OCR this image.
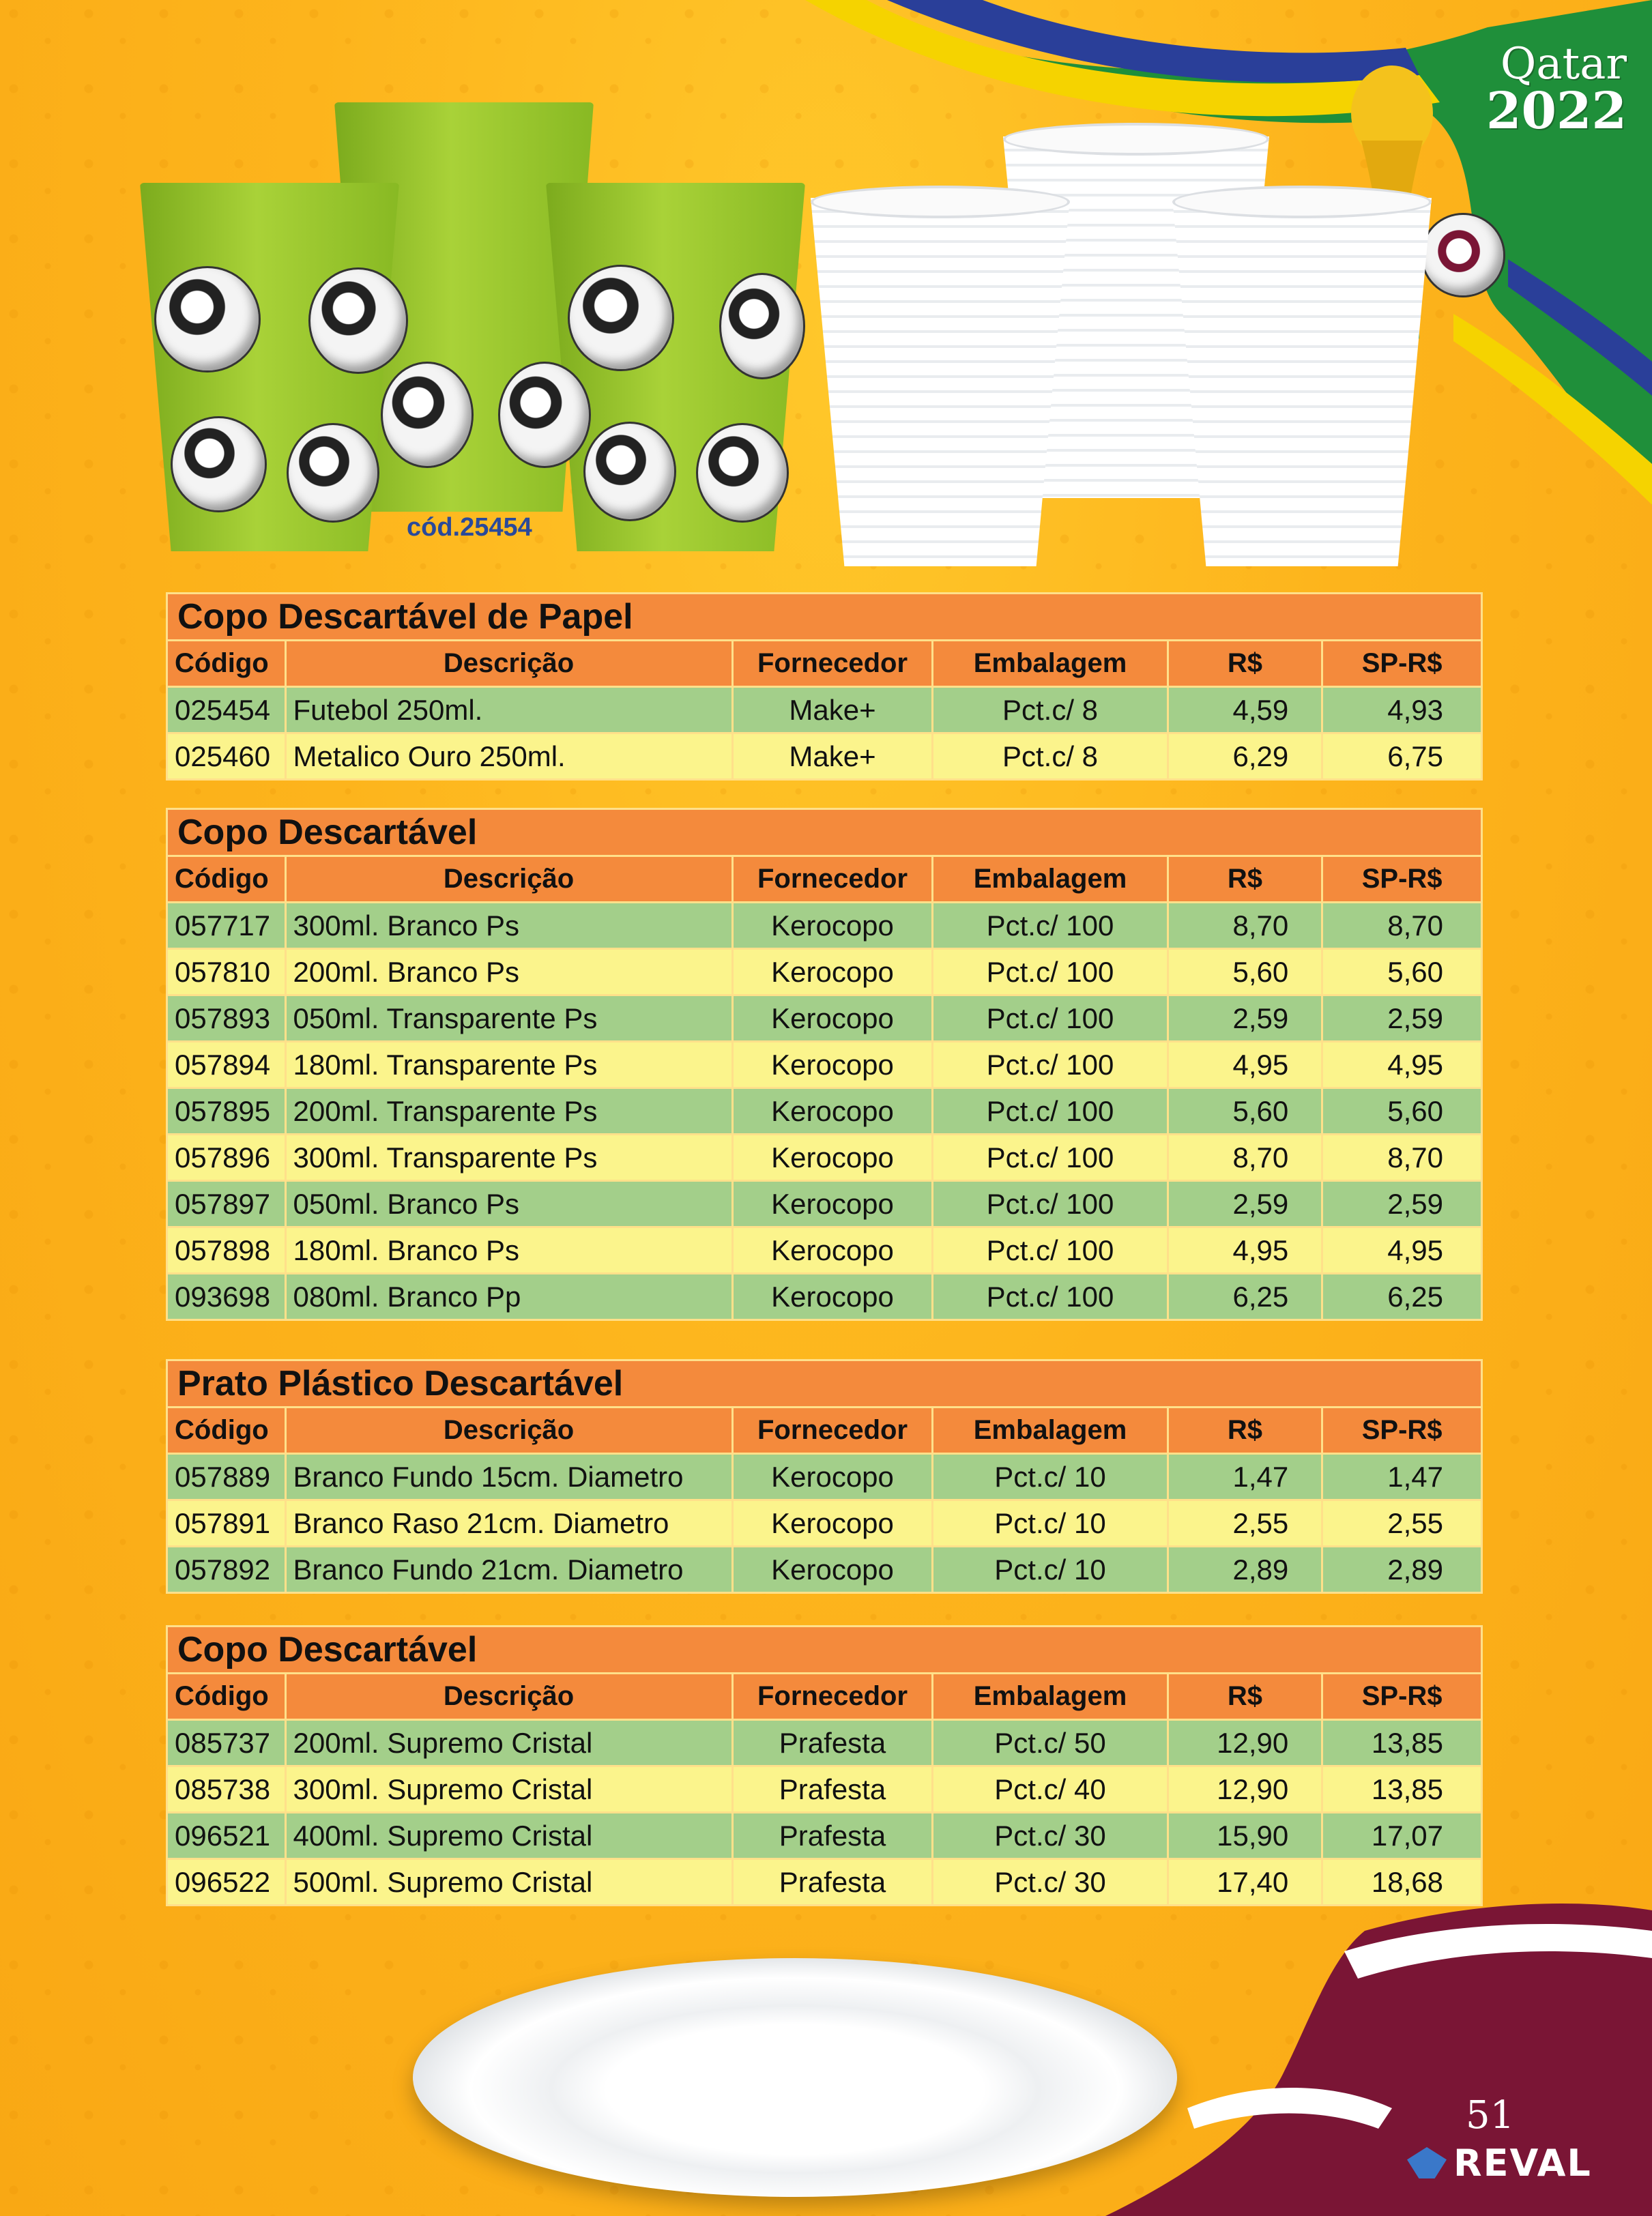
Qatar
2022
cód.25454
Copo Descartável de Papel					
Código	Descrição	Fornecedor	Embalagem	R$	SP-R$
025454	Futebol 250ml.	Make+	Pct.c/ 8	4,59	4,93
025460	Metalico Ouro 250ml.	Make+	Pct.c/ 8	6,29	6,75
Copo Descartável					
Código	Descrição	Fornecedor	Embalagem	R$	SP-R$
057717	300ml. Branco Ps	Kerocopo	Pct.c/ 100	8,70	8,70
057810	200ml. Branco Ps	Kerocopo	Pct.c/ 100	5,60	5,60
057893	050ml. Transparente Ps	Kerocopo	Pct.c/ 100	2,59	2,59
057894	180ml. Transparente Ps	Kerocopo	Pct.c/ 100	4,95	4,95
057895	200ml. Transparente Ps	Kerocopo	Pct.c/ 100	5,60	5,60
057896	300ml. Transparente Ps	Kerocopo	Pct.c/ 100	8,70	8,70
057897	050ml. Branco Ps	Kerocopo	Pct.c/ 100	2,59	2,59
057898	180ml. Branco Ps	Kerocopo	Pct.c/ 100	4,95	4,95
093698	080ml. Branco Pp	Kerocopo	Pct.c/ 100	6,25	6,25
Prato Plástico Descartável					
Código	Descrição	Fornecedor	Embalagem	R$	SP-R$
057889	Branco Fundo 15cm. Diametro	Kerocopo	Pct.c/ 10	1,47	1,47
057891	Branco Raso 21cm. Diametro	Kerocopo	Pct.c/ 10	2,55	2,55
057892	Branco Fundo 21cm. Diametro	Kerocopo	Pct.c/ 10	2,89	2,89
Copo Descartável					
Código	Descrição	Fornecedor	Embalagem	R$	SP-R$
085737	200ml. Supremo Cristal	Prafesta	Pct.c/ 50	12,90	13,85
085738	300ml. Supremo Cristal	Prafesta	Pct.c/ 40	12,90	13,85
096521	400ml. Supremo Cristal	Prafesta	Pct.c/ 30	15,90	17,07
096522	500ml. Supremo Cristal	Prafesta	Pct.c/ 30	17,40	18,68
51
REVAL
